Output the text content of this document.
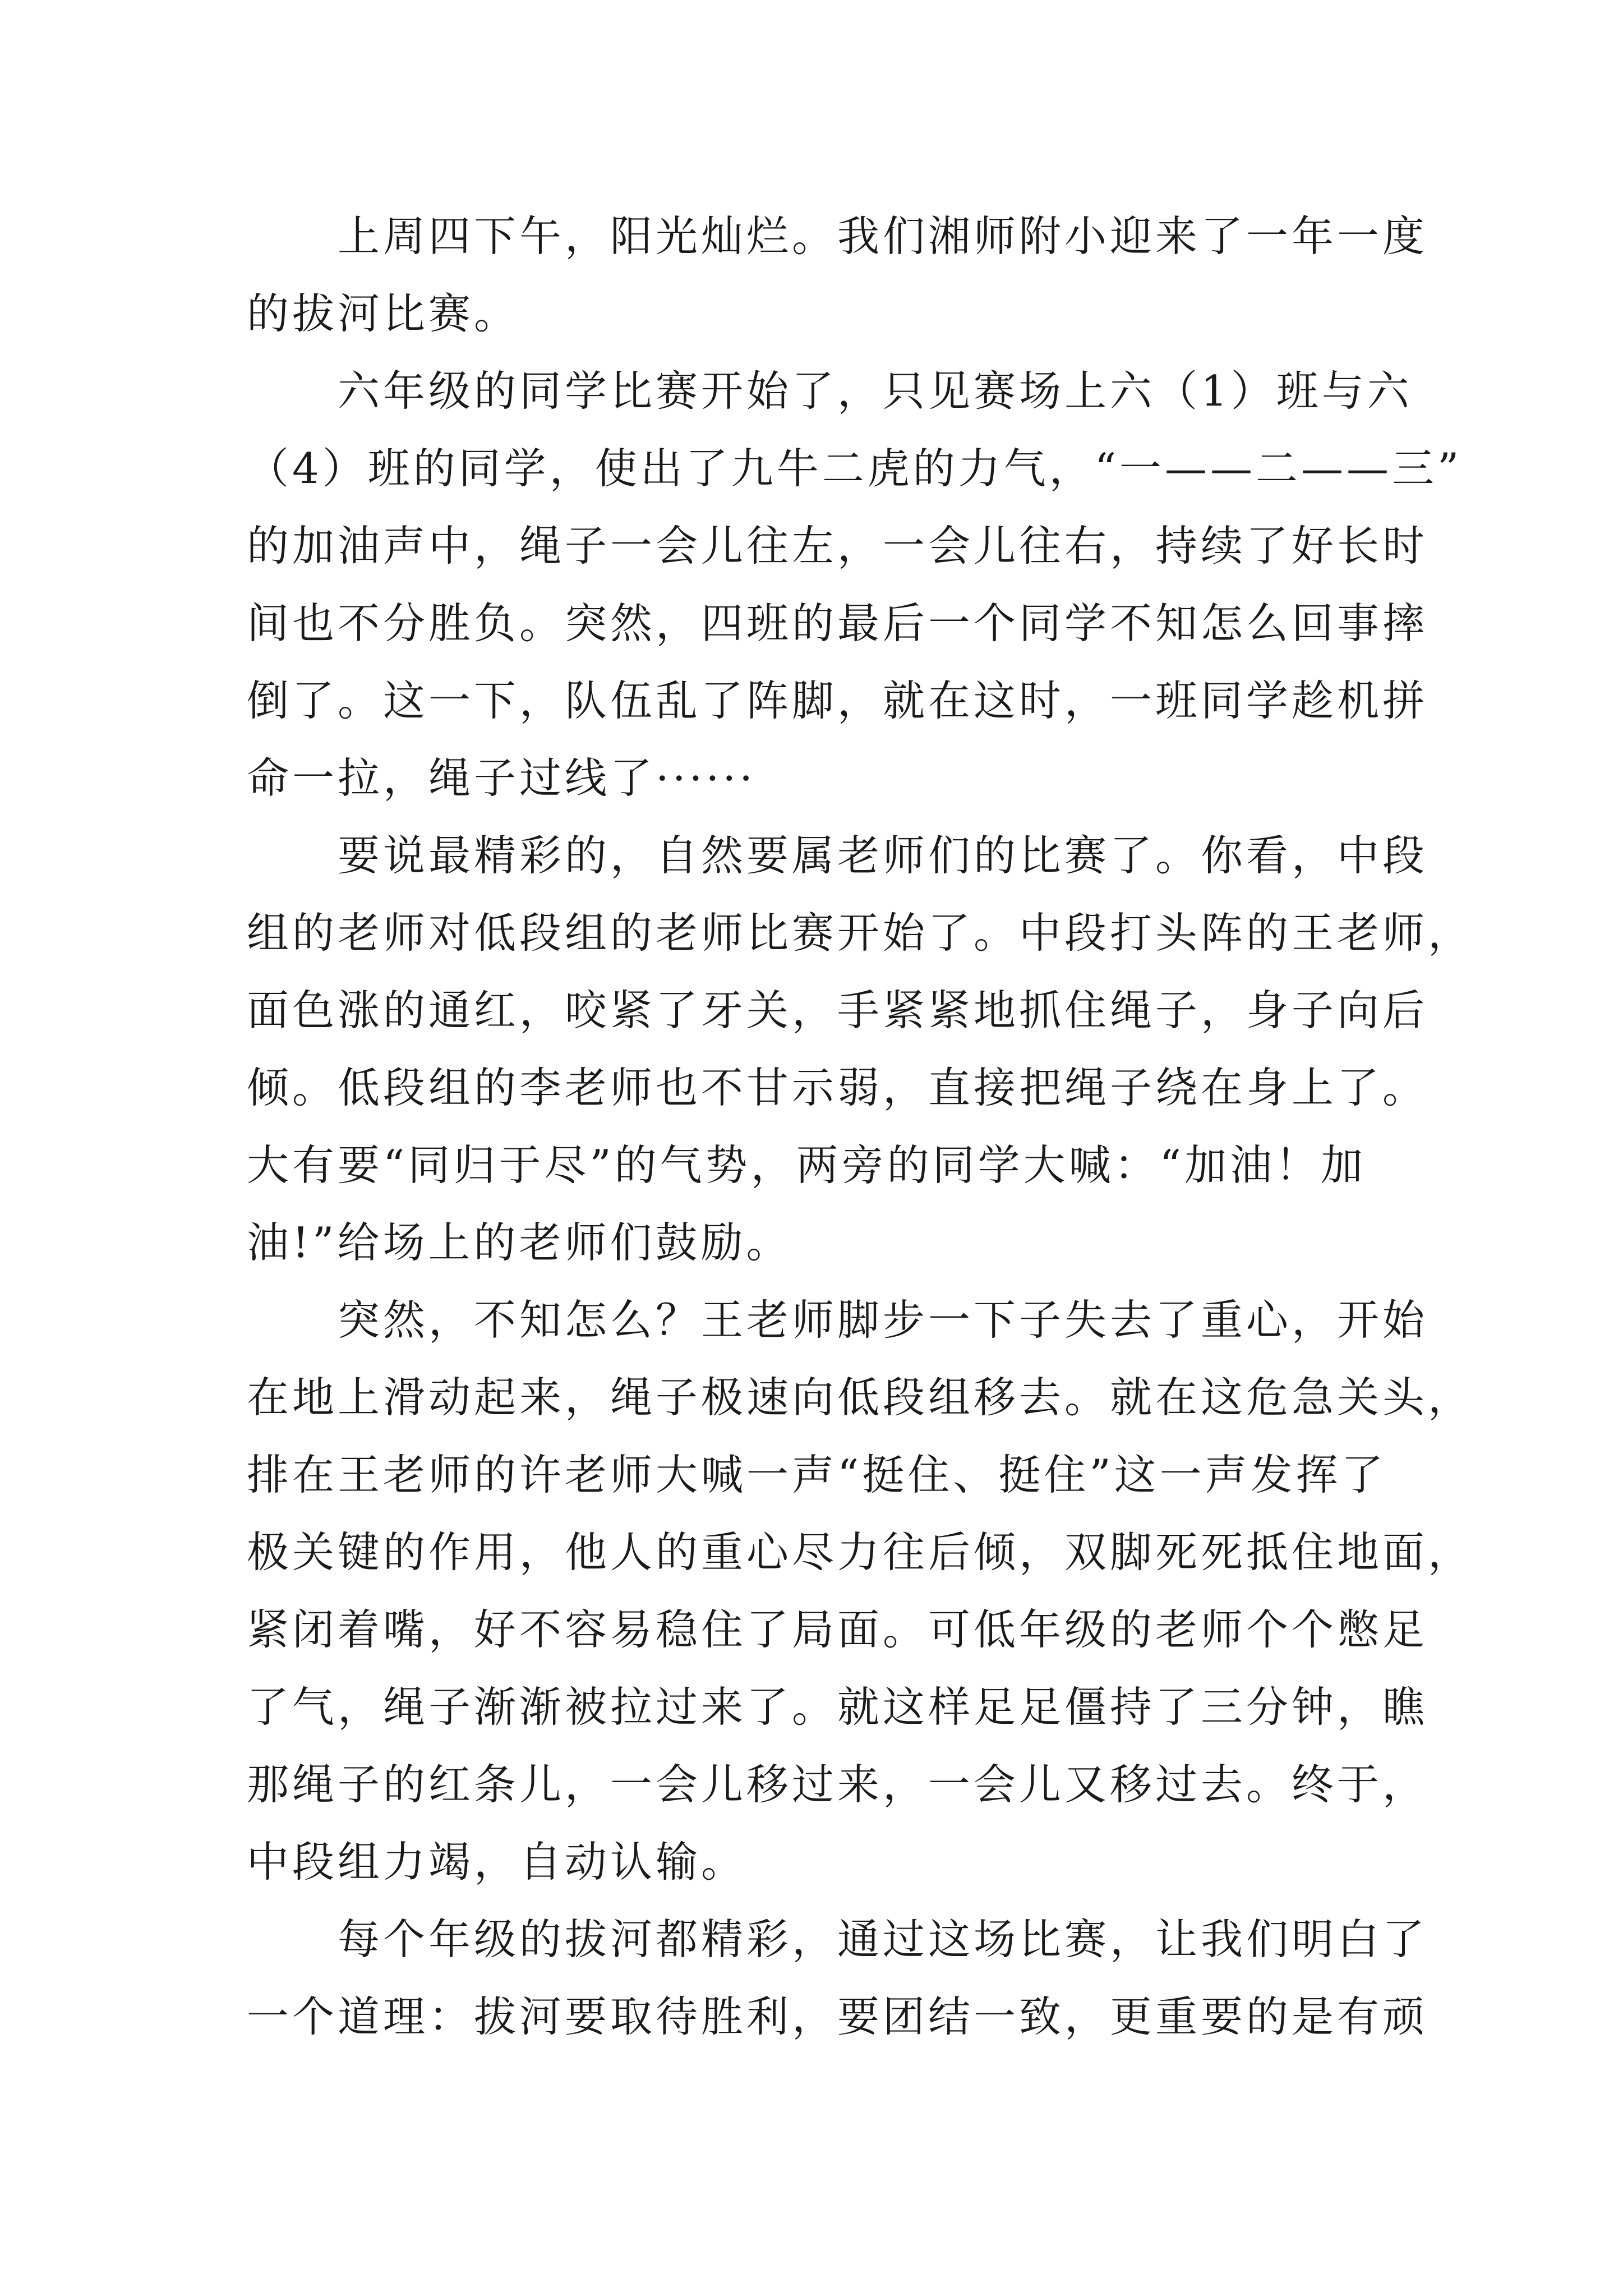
上周四下午，阳光灿烂。我们湘师附小迎来了一年一度
的拔河比赛。
六年级的同学比赛开始了，只见赛场上六（1）班与六
（4）班的同学，使出了九牛二虎的力气，“一——二——三”
的加油声中，绳子一会儿往左，一会儿往右，持续了好长时
间也不分胜负。突然，四班的最后一个同学不知怎么回事摔
倒了。这一下，队伍乱了阵脚，就在这时，一班同学趁机拼
命一拉，绳子过线了······
要说最精彩的，自然要属老师们的比赛了。你看，中段
组的老师对低段组的老师比赛开始了。中段打头阵的王老师，
面色涨的通红，咬紧了牙关，手紧紧地抓住绳子，身子向后
倾。低段组的李老师也不甘示弱，直接把绳子绕在身上了。
大有要“同归于尽”的气势，两旁的同学大喊：“加油！加
油!”给场上的老师们鼓励。
突然，不知怎么？王老师脚步一下子失去了重心，开始
在地上滑动起来，绳子极速向低段组移去。就在这危急关头，
排在王老师的许老师大喊一声“挺住、挺住”这一声发挥了
极关键的作用，他人的重心尽力往后倾，双脚死死抵住地面，
紧闭着嘴，好不容易稳住了局面。可低年级的老师个个憋足
了气，绳子渐渐被拉过来了。就这样足足僵持了三分钟，瞧
那绳子的红条儿，一会儿移过来，一会儿又移过去。终于，
中段组力竭，自动认输。
每个年级的拔河都精彩，通过这场比赛，让我们明白了
一个道理：拔河要取待胜利，要团结一致，更重要的是有顽
